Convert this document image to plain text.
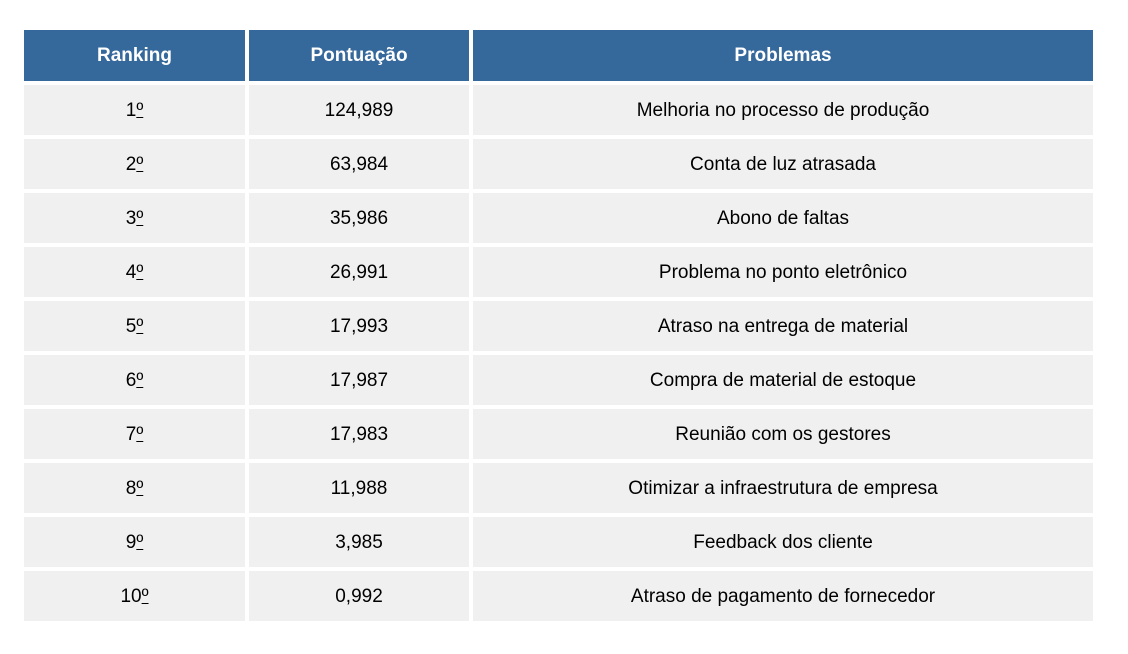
Ranking	Pontuação	Problemas
1 º	124,989	Melhoria no processo de produção
2 º	63,984	Conta de luz atrasada
3 º	35,986	Abono de faltas
4 º	26,991	Problema no ponto eletrônico
5 º	17,993	Atraso na entrega de material
6 º	17,987	Compra de material de estoque
7 º	17,983	Reunião com os gestores
8 º	11,988	Otimizar a infraestrutura de empresa
9 º	3,985	Feedback dos cliente
10 º	0,992	Atraso de pagamento de fornecedor
